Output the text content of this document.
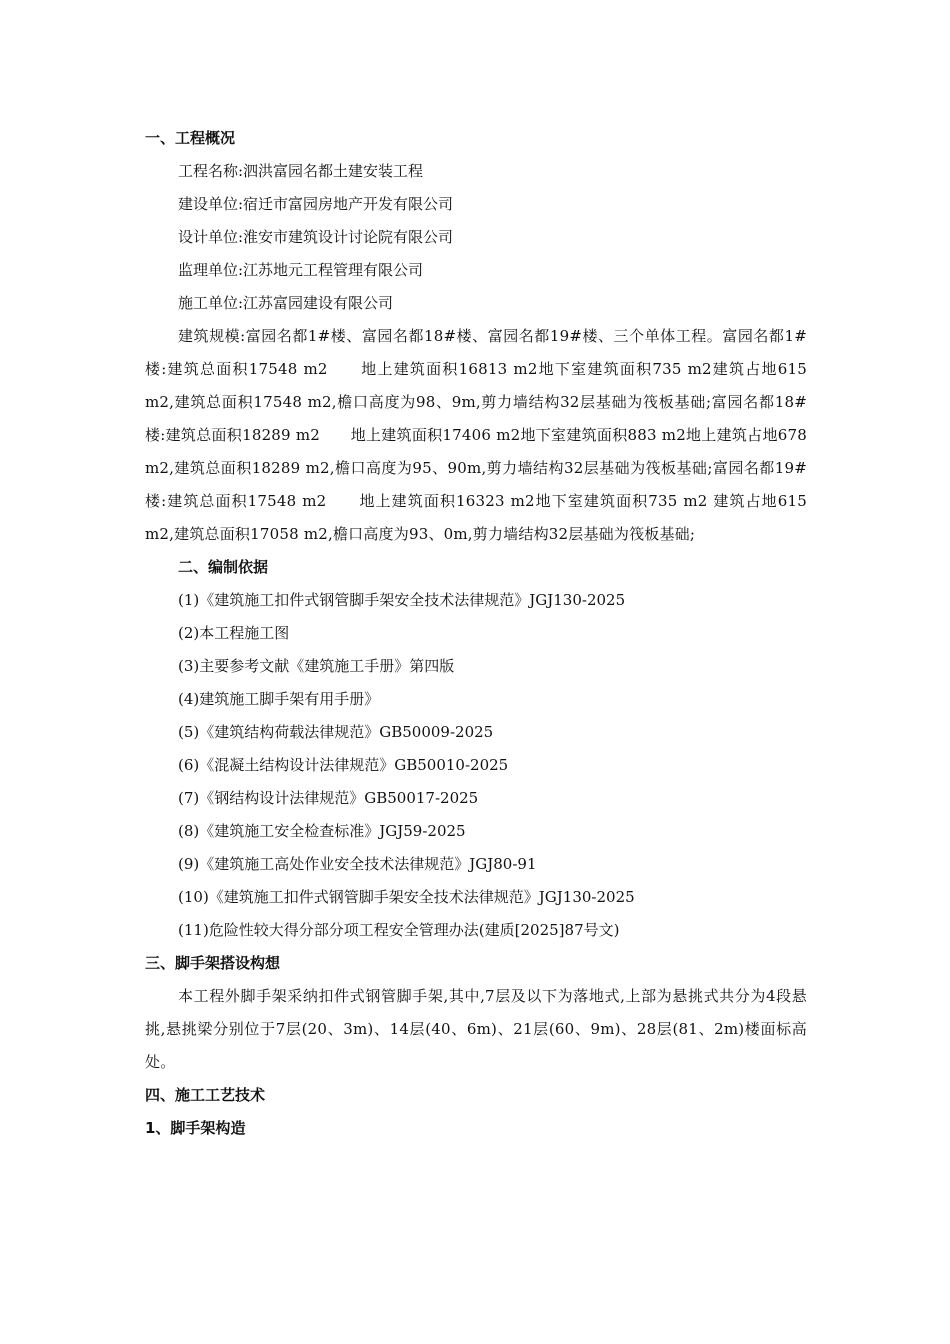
一、工程概况
工程名称:泗洪富园名都土建安装工程
建设单位:宿迁市富园房地产开发有限公司
设计单位:淮安市建筑设计讨论院有限公司
监理单位:江苏地元工程管理有限公司
施工单位:江苏富园建设有限公司
建筑规模:富园名都1#楼、富园名都18#楼、富园名都19#楼、三个单体工程。富园名都1#楼:建筑总面积17548 m2　　地上建筑面积16813 m2地下室建筑面积735 m2建筑占地615 m2,建筑总面积17548 m2,檐口高度为98、9m,剪力墙结构32层基础为筏板基础;富园名都18#楼:建筑总面积18289 m2　　地上建筑面积17406 m2地下室建筑面积883 m2地上建筑占地678 m2,建筑总面积18289 m2,檐口高度为95、90m,剪力墙结构32层基础为筏板基础;富园名都19#楼:建筑总面积17548 m2　　地上建筑面积16323 m2地下室建筑面积735 m2 建筑占地615 m2,建筑总面积17058 m2,檐口高度为93、0m,剪力墙结构32层基础为筏板基础;
二、编制依据
(1)《建筑施工扣件式钢管脚手架安全技术法律规范》JGJ130-2025
(2)本工程施工图
(3)主要参考文献《建筑施工手册》第四版
(4)建筑施工脚手架有用手册》
(5)《建筑结构荷载法律规范》GB50009-2025
(6)《混凝土结构设计法律规范》GB50010-2025
(7)《钢结构设计法律规范》GB50017-2025
(8)《建筑施工安全检查标准》JGJ59-2025
(9)《建筑施工高处作业安全技术法律规范》JGJ80-91
(10)《建筑施工扣件式钢管脚手架安全技术法律规范》JGJ130-2025
(11)危险性较大得分部分项工程安全管理办法(建质[2025]87号文)
三、脚手架搭设构想
本工程外脚手架采纳扣件式钢管脚手架,其中,7层及以下为落地式,上部为悬挑式共分为4段悬挑,悬挑梁分别位于7层(20、3m)、14层(40、6m)、21层(60、9m)、28层(81、2m)楼面标高处。
四、施工工艺技术
1、脚手架构造
